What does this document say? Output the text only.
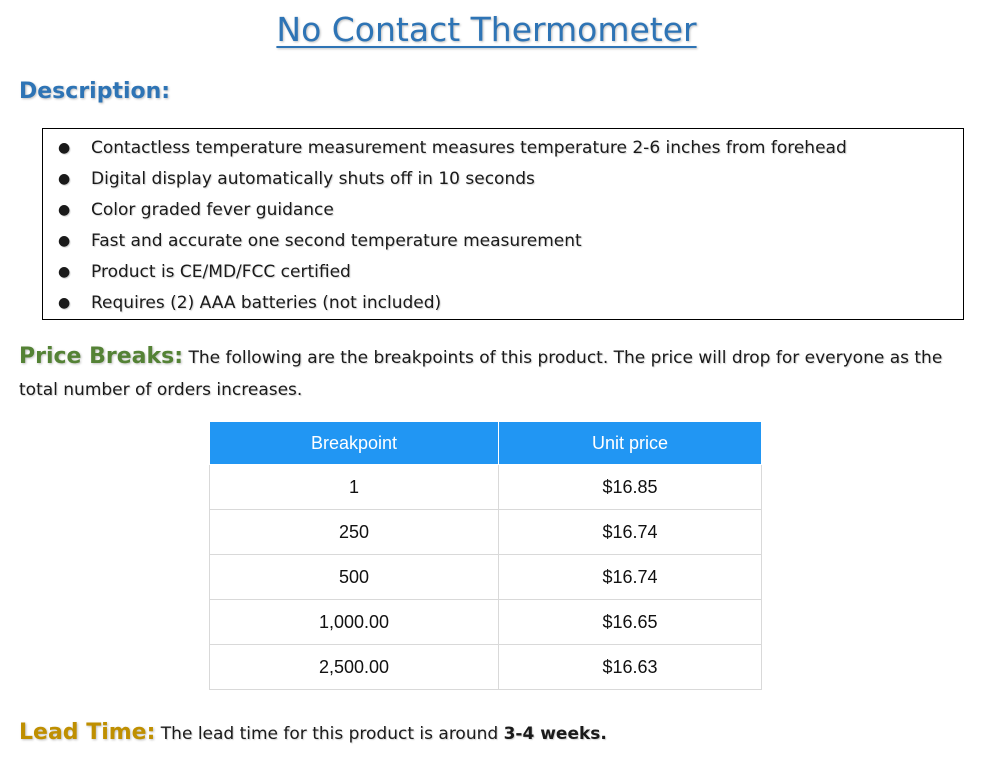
No Contact Thermometer
Description:
● Contactless temperature measurement measures temperature 2-6 inches from forehead
● Digital display automatically shuts off in 10 seconds
● Color graded fever guidance
● Fast and accurate one second temperature measurement
● Product is CE/MD/FCC certified
● Requires (2) AAA batteries (not included)
Price Breaks: The following are the breakpoints of this product. The price will drop for everyone as the total number of orders increases.
Breakpoint	Unit price
1	$16.85
250	$16.74
500	$16.74
1,000.00	$16.65
2,500.00	$16.63
Lead Time: The lead time for this product is around 3-4 weeks.
